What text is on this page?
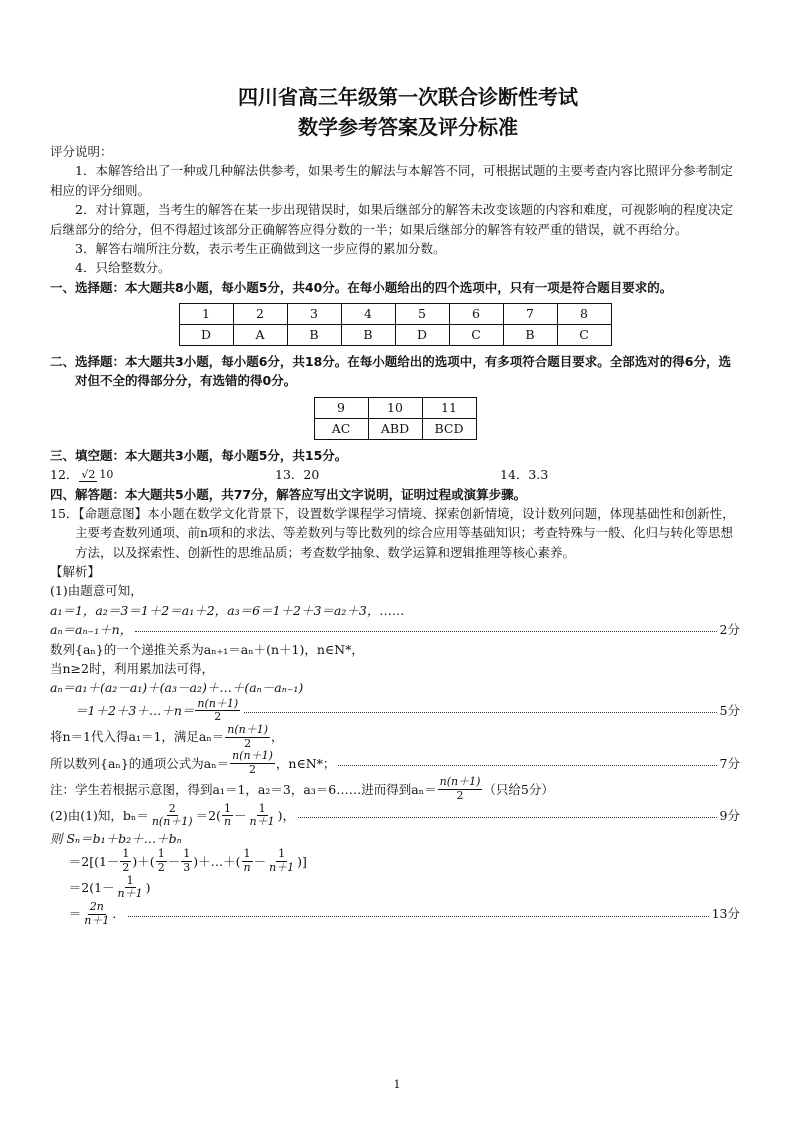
四川省高三年级第一次联合诊断性考试
数学参考答案及评分标准

评分说明：

1．本解答给出了一种或几种解法供参考，如果考生的解法与本解答不同，可根据试题的主要考查内容比照评分参考制定相应的评分细则。

2．对计算题，当考生的解答在某一步出现错误时，如果后继部分的解答未改变该题的内容和难度，可视影响的程度决定后继部分的给分，但不得超过该部分正确解答应得分数的一半；如果后继部分的解答有较严重的错误，就不再给分。

3．解答右端所注分数，表示考生正确做到这一步应得的累加分数。

4．只给整数分。

一、选择题：本大题共8小题，每小题5分，共40分。在每小题给出的四个选项中，只有一项是符合题目要求的。

1	2	3	4	5	6	7	8
D	A	B	B	D	C	B	C

二、选择题：本大题共3小题，每小题6分，共18分。在每小题给出的选项中，有多项符合题目要求。全部选对的得6分，选对但不全的得部分分，有选错的得0分。

9	10	11
AC	ABD	BCD

三、填空题：本大题共3小题，每小题5分，共15分。

12． √2 10	13．20	14．3.3

四、解答题：本大题共5小题，共77分，解答应写出文字说明，证明过程或演算步骤。

15．【命题意图】本小题在数学文化背景下，设置数学课程学习情境、探索创新情境，设计数列问题，体现基础性和创新性，主要考查数列通项、前n项和的求法、等差数列与等比数列的综合应用等基础知识；考查特殊与一般、化归与转化等思想方法，以及探索性、创新性的思维品质；考查数学抽象、数学运算和逻辑推理等核心素养。

【解析】

(1)由题意可知，

a₁＝1，a₂＝3＝1＋2＝a₁＋2，a₃＝6＝1＋2＋3＝a₂＋3，……

aₙ＝aₙ₋₁＋n，	2分

数列{aₙ}的一个递推关系为aₙ₊₁＝aₙ＋(n＋1)，n∈N*，

当n≥2时，利用累加法可得，

aₙ＝a₁＋(a₂－a₁)＋(a₃－a₂)＋…＋(aₙ－aₙ₋₁)

＝1＋2＋3＋…＋n＝ $\frac{n(n+1)}{2}$	5分
将n＝1代入得a₁＝1，满足$a_n= \frac{n(n+1)}{2}$ ，
所以数列{aₙ}的通项公式为$a_n= \frac{n(n+1)}{2}$ ，n∈N*；	7分
注：学生若根据示意图，得到a₁＝1，a₂＝3，a₃＝6……进而得到$a_n= \frac{n(n+1)}{2}$ （只给5分）
(2)由(1)知，$b_n= \frac{2}{n(n+1)} =2( \frac{1}{n} - \frac{1}{n+1}$ )，	9分

则 Sₙ＝b₁＋b₂＋…＋bₙ

$=2[(1- \frac{1}{2}$ )＋( $\frac{1}{2} - \frac{1}{3}$ )＋…＋( $\frac{1}{n} - \frac{1}{n+1}$ )]
$=2(1- \frac{1}{n+1}$ )
＝ $\frac{2n}{n+1}$ ．	13分
1
